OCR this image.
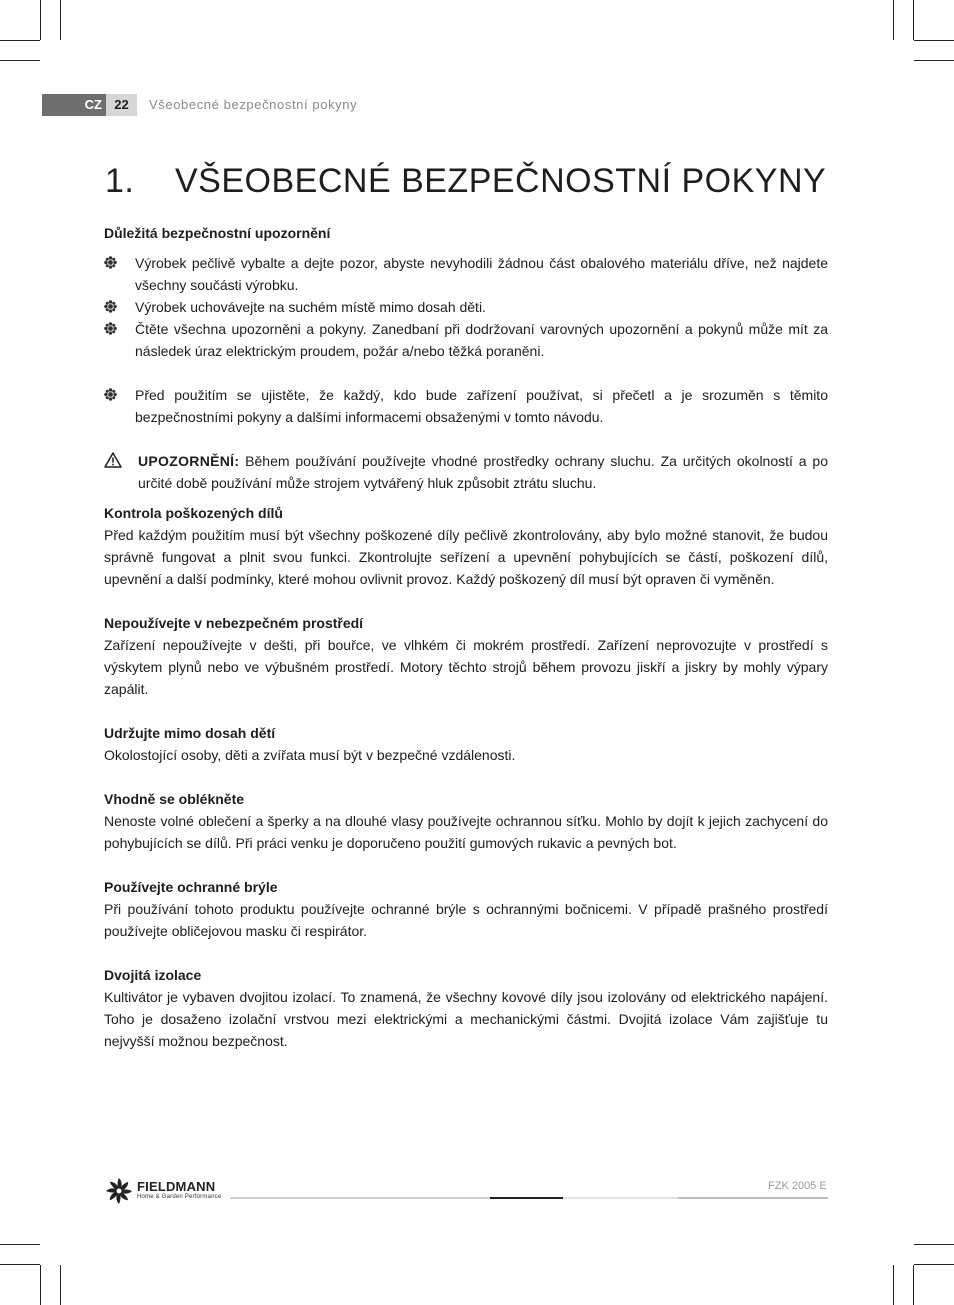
CZ 22	Všeobecné bezpečnostní pokyny
1. VŠEOBECNÉ BEZPEČNOSTNÍ POKYNY
Důležitá bezpečnostní upozornění
Výrobek pečlivě vybalte a dejte pozor, abyste nevyhodili žádnou část obalového materiálu dříve, než najdete všechny součásti výrobku.
Výrobek uchovávejte na suchém místě mimo dosah děti.
Čtěte všechna upozorněni a pokyny. Zanedbaní při dodržovaní varovných upozornění a pokynů může mít za následek úraz elektrickým proudem, požár a/nebo těžká poraněni.
Před použitím se ujistěte, že každý, kdo bude zařízení používat, si přečetl a je srozuměn s těmito bezpečnostními pokyny a dalšími informacemi obsaženými v tomto návodu.
UPOZORNĚNÍ: Během používání používejte vhodné prostředky ochrany sluchu. Za určitých okolností a po určité době používání může strojem vytvářený hluk způsobit ztrátu sluchu.
Kontrola poškozených dílů

Před každým použitím musí být všechny poškozené díly pečlivě zkontrolovány, aby bylo možné stanovit, že budou správně fungovat a plnit svou funkci. Zkontrolujte seřízení a upevnění pohybujících se částí, poškození dílů, upevnění a další podmínky, které mohou ovlivnit provoz. Každý poškozený díl musí být opraven či vyměněn.

Nepoužívejte v nebezpečném prostředí

Zařízení nepoužívejte v dešti, při bouřce, ve vlhkém či mokrém prostředí. Zařízení neprovozujte v prostředí s výskytem plynů nebo ve výbušném prostředí. Motory těchto strojů během provozu jiskří a jiskry by mohly výpary zapálit.

Udržujte mimo dosah dětí

Okolostojící osoby, děti a zvířata musí být v bezpečné vzdálenosti.

Vhodně se oblékněte

Nenoste volné oblečení a šperky a na dlouhé vlasy používejte ochrannou síťku. Mohlo by dojít k jejich zachycení do pohybujících se dílů. Při práci venku je doporučeno použití gumových rukavic a pevných bot.

Používejte ochranné brýle

Při používání tohoto produktu používejte ochranné brýle s ochrannými bočnicemi. V případě prašného prostředí používejte obličejovou masku či respirátor.

Dvojitá izolace

Kultivátor je vybaven dvojitou izolací. To znamená, že všechny kovové díly jsou izolovány od elektrického napájení. Toho je dosaženo izolační vrstvou mezi elektrickými a mechanickými částmi. Dvojitá izolace Vám zajišťuje tu nejvyšší možnou bezpečnost.

FIELDMANN
Home & Garden Performance
FZK 2005 E
